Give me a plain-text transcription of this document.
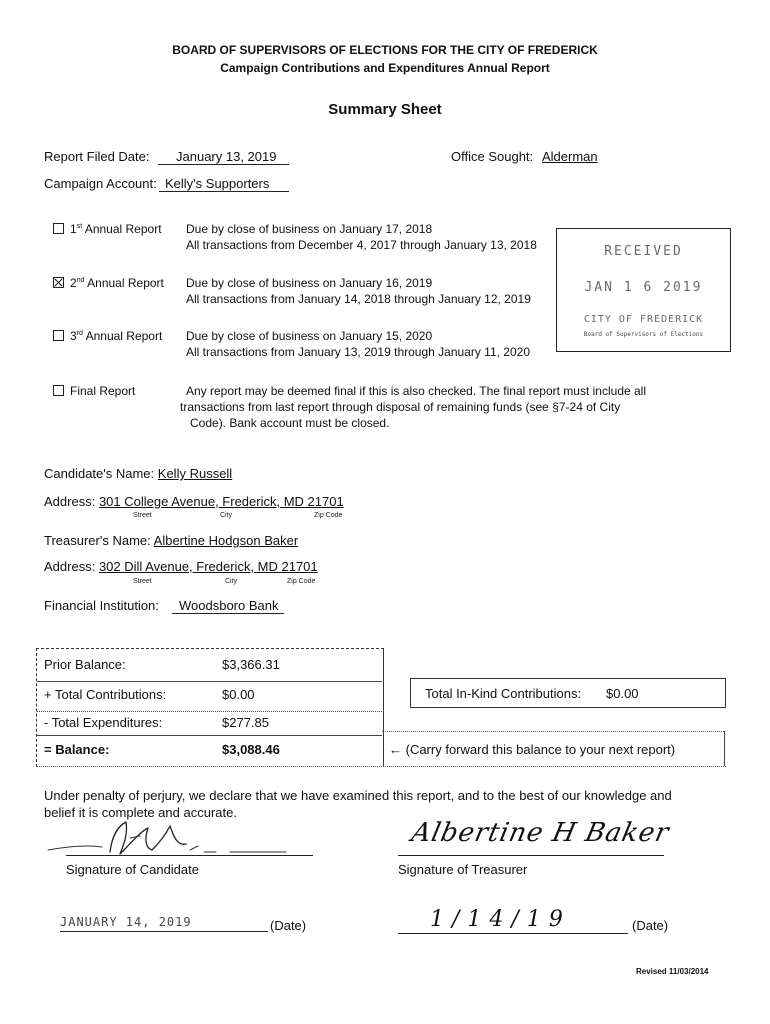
BOARD OF SUPERVISORS OF ELECTIONS FOR THE CITY OF FREDERICK
Campaign Contributions and Expenditures Annual Report
Summary Sheet
Report Filed Date:	January 13, 2019	Office Sought: Alderman
Campaign Account: Kelly's Supporters
1st Annual Report Due by close of business on January 17, 2018
All transactions from December 4, 2017 through January 13, 2018
2nd Annual Report Due by close of business on January 16, 2019
All transactions from January 14, 2018 through January 12, 2019
3rd Annual Report Due by close of business on January 15, 2020
All transactions from January 13, 2019 through January 11, 2020
Final Report	Any report may be deemed final if this is also checked. The final report must include all
transactions from last report through disposal of remaining funds (see §7-24 of City
Code). Bank account must be closed.
RECEIVED
JAN 1 6 2019
CITY OF FREDERICK
Board of Supervisors of Elections
Candidate's Name: Kelly Russell
Address: 301 College Avenue, Frederick, MD 21701
Street	City	Zip Code
Treasurer's Name: Albertine Hodgson Baker
Address: 302 Dill Avenue, Frederick, MD 21701
Street	City	Zip Code
Financial Institution:	Woodsboro Bank
Prior Balance:	$3,366.31
+ Total Contributions:	$0.00
- Total Expenditures:	$277.85
= Balance:	$3,088.46
Total In-Kind Contributions: $0.00
← (Carry forward this balance to your next report)
Under penalty of perjury, we declare that we have examined this report, and to the best of our knowledge and
belief it is complete and accurate.
Signature of Candidate
Albertine H Baker
Signature of Treasurer
JANUARY 14, 2019	(Date)	1/14/19	(Date)
Revised 11/03/2014
